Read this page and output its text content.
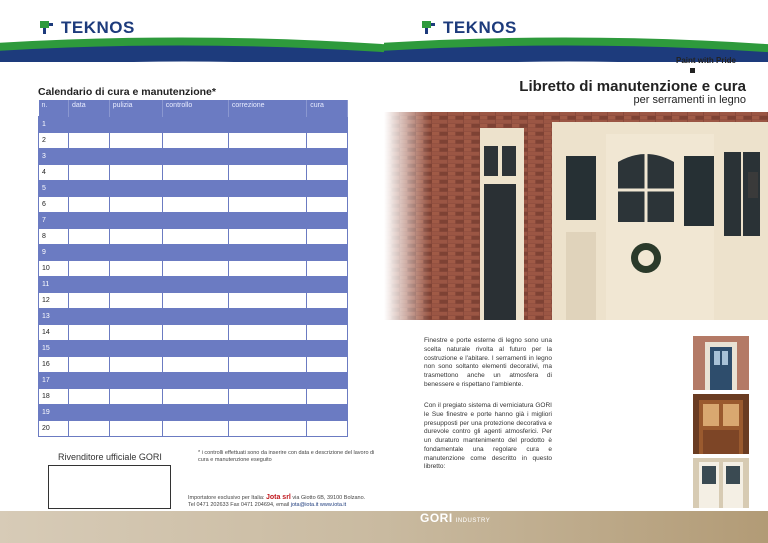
TEKNOS	TEKNOS
Calendario di cura e manutenzione*
n.	data	pulizia	controllo	correzione	cura
1					
2					
3					
4					
5					
6					
7					
8					
9					
10					
11					
12					
13					
14					
15					
16					
17					
18					
19					
20					
Rivenditore ufficiale GORI	* i controlli effettuati sono da inserire con data e descrizione del lavoro di cura e manutenzione eseguito
Importatore esclusivo per Italia: Jota srl via Giotto 6B, 39100 Bolzano.
Tel 0471 202633 Fax 0471 204694, email jota@iota.it www.iota.it
Paint with Pride
Libretto di manutenzione e cura
per serramenti in legno
Finestre e porte esterne di legno sono una scelta naturale rivolta al futuro per la costruzione e l'abitare. I serramenti in legno non sono soltanto elementi decorativi, ma trasmettono anche un atmosfera di benessere e rispettano l'ambiente.
Con il pregiato sistema di verniciatura GORI le Sue finestre e porte hanno già i migliori presupposti per una protezione decorativa e durevole contro gli agenti atmosferici. Per un duraturo mantenimento del prodotto è fondamentale una regolare cura e manutenzione come descritto in questo libretto:
GORI INDUSTRY
